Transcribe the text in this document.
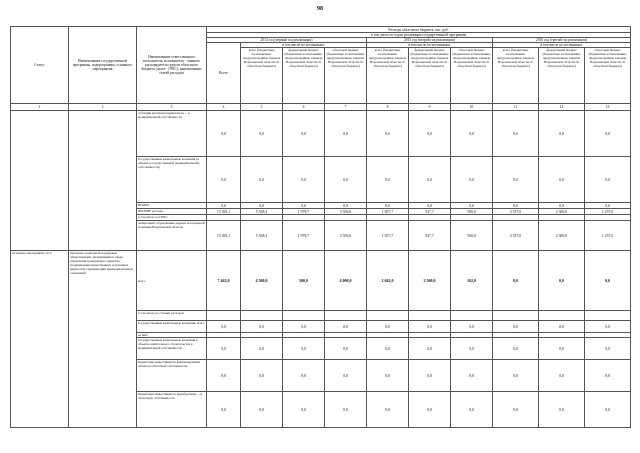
98
Статус	Наименование государственной программы, подпрограммы, основного мероприятия	Наименование ответственного исполнителя, исполнителя - главного распорядителя средств областного бюджета (далее - ГРБС), наименование статей расходов	Расходы областного бюджета, тыс. руб.									
			в том числе по годам реализации государственной программы									
			2014 год (первый год реализации)				2015 год (второй год реализации)			2016 год (третий год реализации)		
			Всего	в том числе по источникам:			в том числе по источникам:			в том числе по источникам:		
				всего (бюджетные ассигнования, предусмотренные законом Воронежской области об областном бюджете)	федеральный бюджет (бюджетные ассигнования, предусмотренные законом Воронежской области об областном бюджете)	областной бюджет (бюджетные ассигнования, предусмотренные законом Воронежской области об областном бюджете)	всего (бюджетные ассигнования, предусмотренные законом Воронежской области об областном бюджете)	федеральный бюджет (бюджетные ассигнования, предусмотренные законом Воронежской области об областном бюджете)	областной бюджет (бюджетные ассигнования, предусмотренные законом Воронежской области об областном бюджете)	всего (бюджетные ассигнования, предусмотренные законом Воронежской области об областном бюджете)	федеральный бюджет (бюджетные ассигнования, предусмотренные законом Воронежской области об областном бюджете)	областной бюджет (бюджетные ассигнования, предусмотренные законом Воронежской области об областном бюджете)
1	2	3	4	5	6	7	8	9	10	11	12	13
		субсидии местным бюджетам на ... в муниципальной собственности	0,0	0,0	0,0	0,0	0,0	0,0	0,0	0,0	0,0	0,0
		Государственные капитальные вложения (в объекты государственной (муниципальной) собственности)	0,0	0,0	0,0	0,0	0,0	0,0	0,0	0,0	0,0	0,0
		НИОКР	0,0	0,0	0,0	0,0	0,0	0,0	0,0	0,0	0,0	0,0
		ПРОЧИЕ расходы	15 393,1	5 538,3	1 978,7	3 559,6	1 057,7	537,7	500,0	3 557,0	2 300,0	1 257,0
		в том числе по ГРБС:										
		департамент образования, науки и молодежной политики Воронежской области	15 393,1	5 538,3	1 978,7	3 559,6	1 057,7	537,7	500,0	3 557,0	2 300,0	1 257,0
Основное мероприятие 10.3	Оказание социальной поддержки общественным организациям в сфере управления гражданского единства, традиционных нравственных и духовных ценностей, гармонизации межнациональных отношений	всего	7 462,0	4 500,0	500,0	4 000,0	2 662,0	2 500,0	162,0	0,0	0,0	0,0
		в том числе по статьям расходов:										
		Государственные капитальные вложения, всего	0,0	0,0	0,0	0,0	0,0	0,0	0,0	0,0	0,0	0,0
		из них:										
		Государственные капитальные вложения в объекты капитального строительства в муниципальной собственности	0,0	0,0	0,0	0,0	0,0	0,0	0,0	0,0	0,0	0,0
		Бюджетные инвестиции на финансирование объектов областной собственности	0,0	0,0	0,0	0,0	0,0	0,0	0,0	0,0	0,0	0,0
		Бюджетные инвестиции на приобретение ... в областную собственность	0,0	0,0	0,0	0,0	0,0	0,0	0,0	0,0	0,0	0,0
